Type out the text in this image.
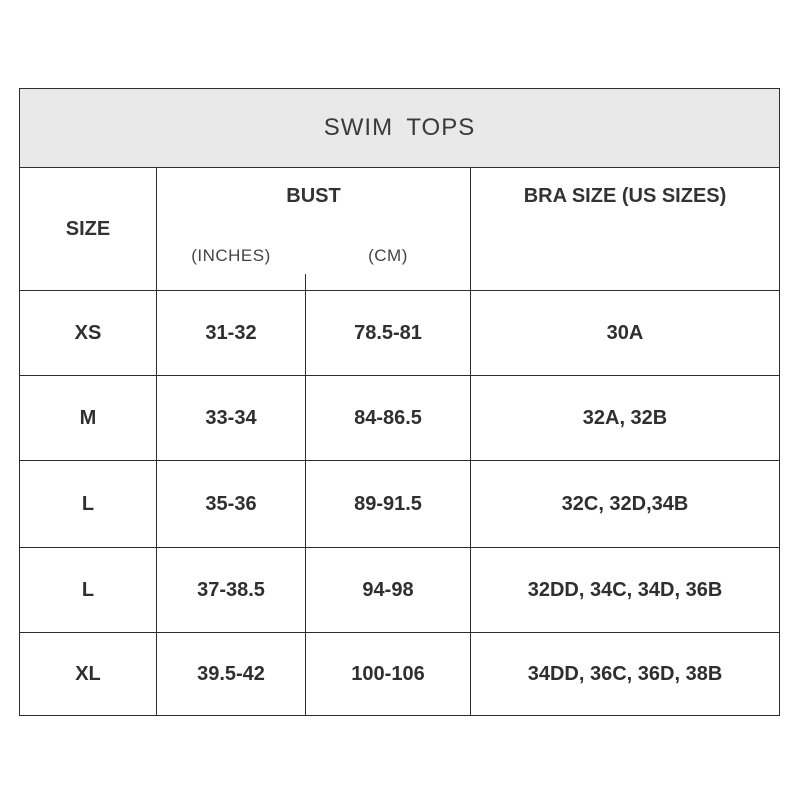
SWIM TOPS
SIZE
BUST
(INCHES)	(CM)
BRA SIZE (US SIZES)
XS	31-32	78.5-81	30A
M	33-34	84-86.5	32A, 32B
L	35-36	89-91.5	32C, 32D,34B
L	37-38.5	94-98	32DD, 34C, 34D, 36B
XL	39.5-42	100-106	34DD, 36C, 36D, 38B
